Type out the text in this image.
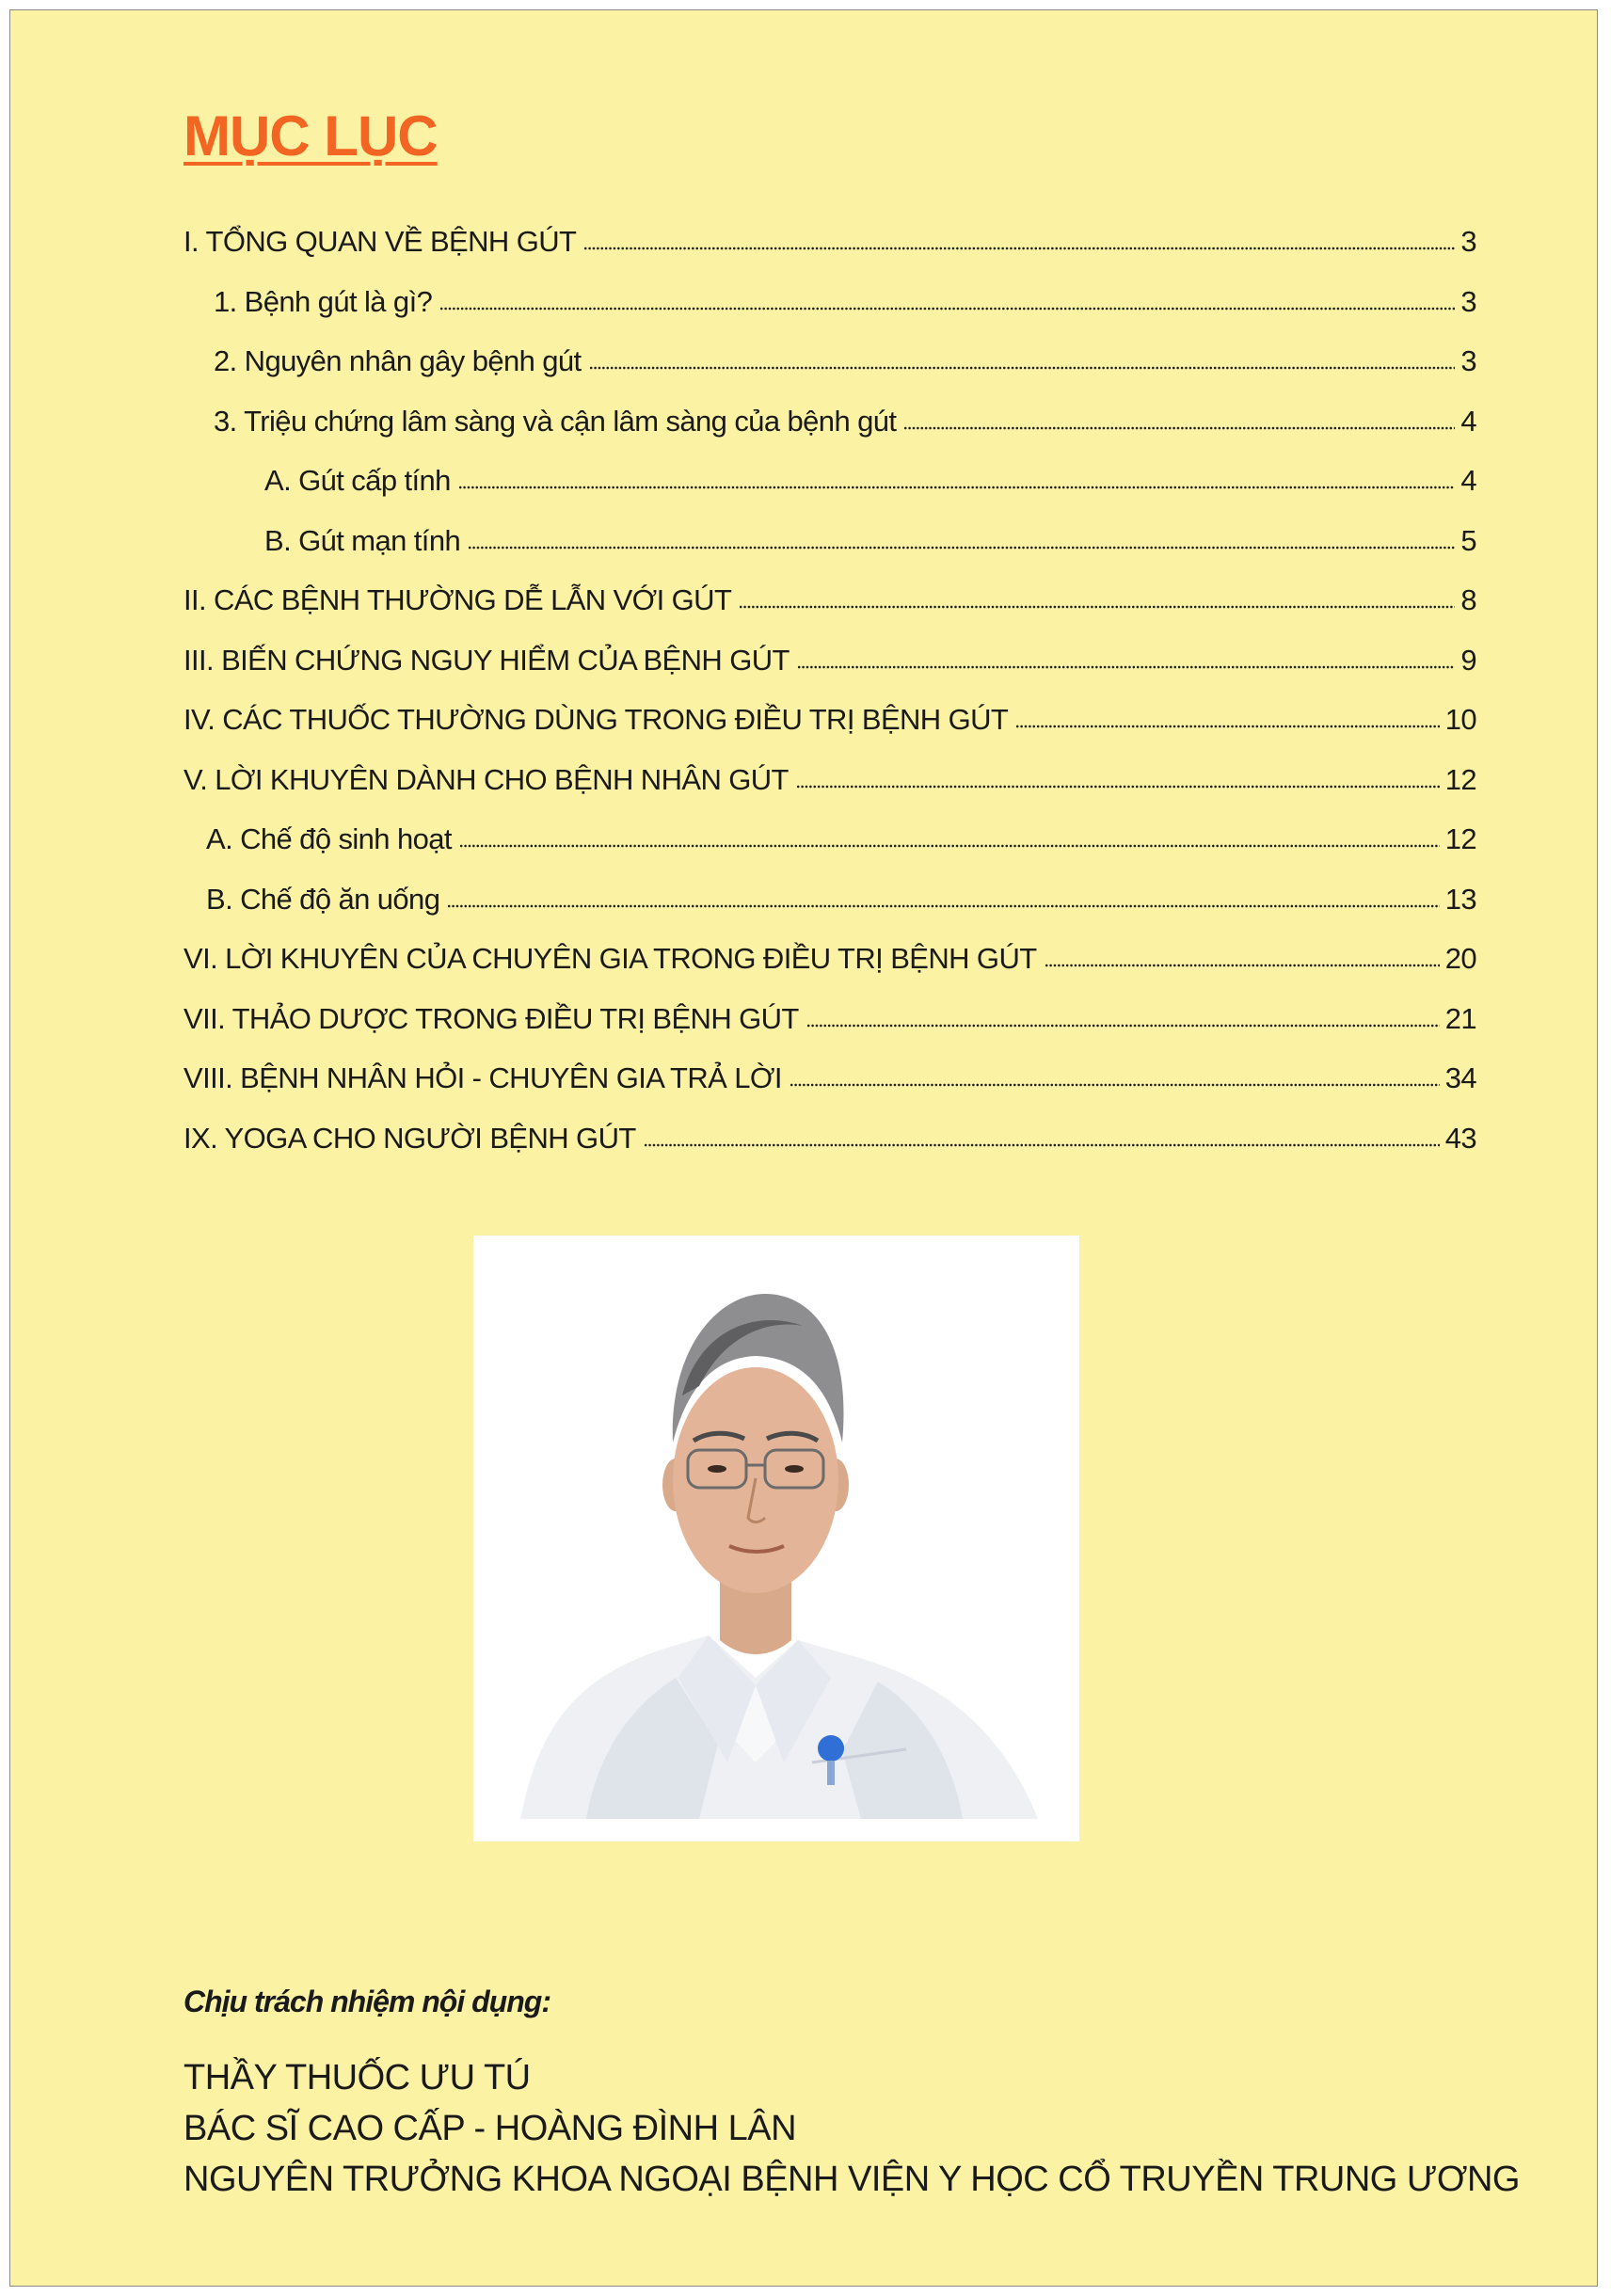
MỤC LỤC
I. TỔNG QUAN VỀ BỆNH GÚT	3
1. Bệnh gút là gì?	3
2. Nguyên nhân gây bệnh gút	3
3. Triệu chứng lâm sàng và cận lâm sàng của bệnh gút	4
A. Gút cấp tính	4
B. Gút mạn tính	5
II. CÁC BỆNH THƯỜNG DỄ LẪN VỚI GÚT	8
III. BIẾN CHỨNG NGUY HIỂM CỦA BỆNH GÚT	9
IV. CÁC THUỐC THƯỜNG DÙNG TRONG ĐIỀU TRỊ BỆNH GÚT	10
V. LỜI KHUYÊN DÀNH CHO BỆNH NHÂN GÚT	12
A. Chế độ sinh hoạt	12
B. Chế độ ăn uống	13
VI. LỜI KHUYÊN CỦA CHUYÊN GIA TRONG ĐIỀU TRỊ BỆNH GÚT	20
VII. THẢO DƯỢC TRONG ĐIỀU TRỊ BỆNH GÚT	21
VIII. BỆNH NHÂN HỎI - CHUYÊN GIA TRẢ LỜI	34
IX. YOGA CHO NGƯỜI BỆNH GÚT	43

Chịu trách nhiệm nội dụng:

THẦY THUỐC ƯU TÚ

BÁC SĨ CAO CẤP - HOÀNG ĐÌNH LÂN

NGUYÊN TRƯỞNG KHOA NGOẠI BỆNH VIỆN Y HỌC CỔ TRUYỀN TRUNG ƯƠNG
